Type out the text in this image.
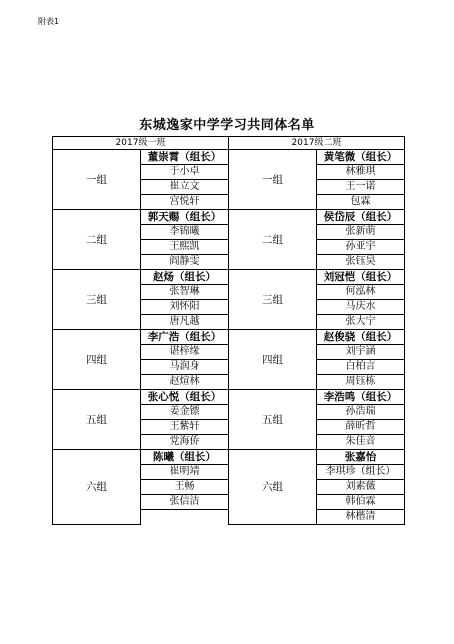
附表1
东城逸家中学学习共同体名单
2017级一班		2017级二班	
一组	董崇霄（组长）	一组	黄笔微（组长）
	于小卓		林雅琪
	崔立文		王一诺
	宫悦轩		包霖
二组	郭天赐（组长）	二组	侯岱辰（组长）
	李锦曦		张新萌
	王熙凯		孙亚宇
	阎静雯		张钰昊
三组	赵炀（组长）	三组	刘冠恺（组长）
	张智琳		何泓林
	刘怀阳		马庆水
	唐凡越		张大宁
四组	李广浩（组长）	四组	赵俊骁（组长）
	谌梓缘		刘宇涵
	马润身		白柏言
	赵煊林		周钰栋
五组	张心悦（组长）	五组	李浩鸣（组长）
	姜金镖		孙浩瑞
	王紫轩		薛昕哲
	党海侨		朱佳音
六组	陈曦（组长）	六组	张嘉怡
	崔明靖		李琪珍（组长）
	王畅		刘素薇
	张信洁		韩伯霖
			林楷清
